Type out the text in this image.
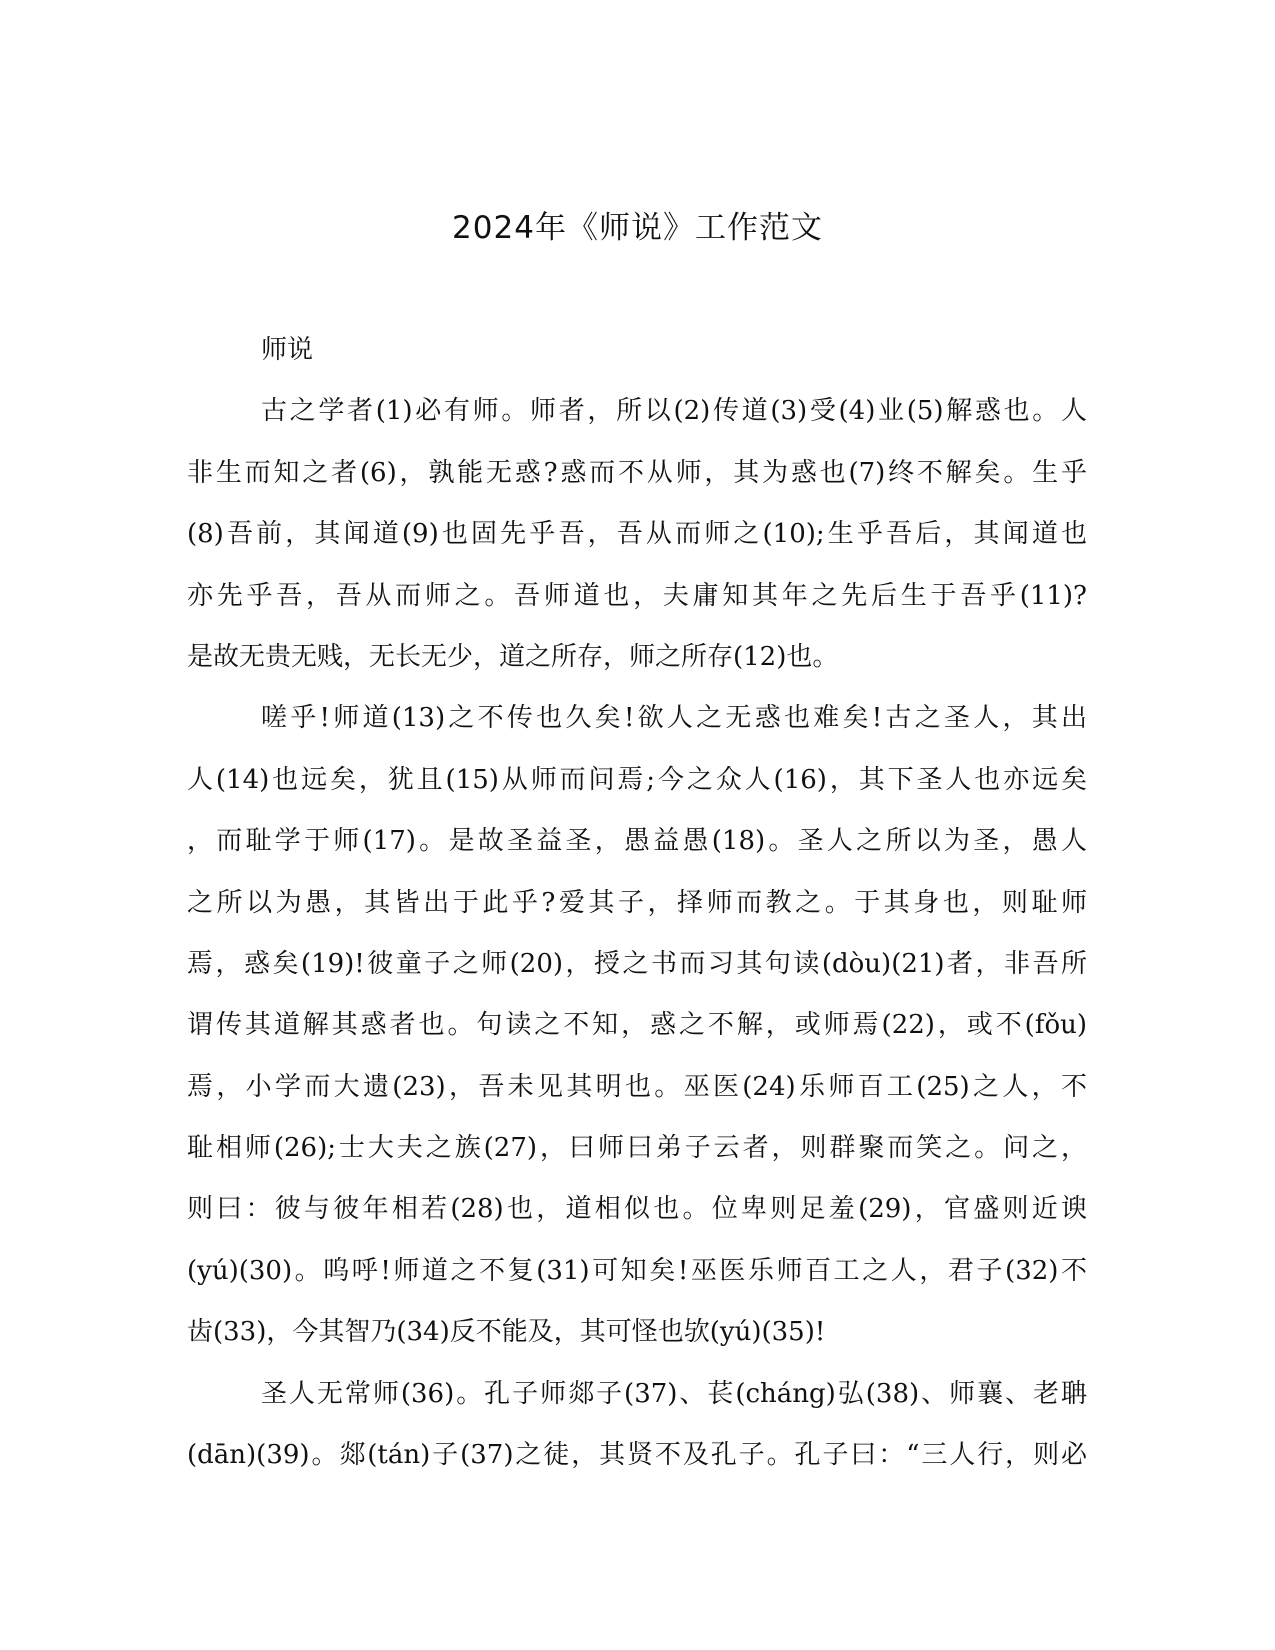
2024年《师说》工作范文
师说
古之学者(1)必有师。师者，所以(2)传道(3)受(4)业(5)解惑也。人
非生而知之者(6)，孰能无惑?惑而不从师，其为惑也(7)终不解矣。生乎
(8)吾前，其闻道(9)也固先乎吾，吾从而师之(10);生乎吾后，其闻道也
亦先乎吾，吾从而师之。吾师道也，夫庸知其年之先后生于吾乎(11)?
是故无贵无贱，无长无少，道之所存，师之所存(12)也。
嗟乎!师道(13)之不传也久矣!欲人之无惑也难矣!古之圣人，其出
人(14)也远矣，犹且(15)从师而问焉;今之众人(16)，其下圣人也亦远矣
，而耻学于师(17)。是故圣益圣，愚益愚(18)。圣人之所以为圣，愚人
之所以为愚，其皆出于此乎?爱其子，择师而教之。于其身也，则耻师
焉，惑矣(19)!彼童子之师(20)，授之书而习其句读(dòu)(21)者，非吾所
谓传其道解其惑者也。句读之不知，惑之不解，或师焉(22)，或不(fǒu)
焉，小学而大遗(23)，吾未见其明也。巫医(24)乐师百工(25)之人，不
耻相师(26);士大夫之族(27)，曰师曰弟子云者，则群聚而笑之。问之，
则曰：彼与彼年相若(28)也，道相似也。位卑则足羞(29)，官盛则近谀
(yú)(30)。呜呼!师道之不复(31)可知矣!巫医乐师百工之人，君子(32)不
齿(33)，今其智乃(34)反不能及，其可怪也欤(yú)(35)!
圣人无常师(36)。孔子师郯子(37)、苌(cháng)弘(38)、师襄、老聃
(dān)(39)。郯(tán)子(37)之徒，其贤不及孔子。孔子曰：“三人行，则必
